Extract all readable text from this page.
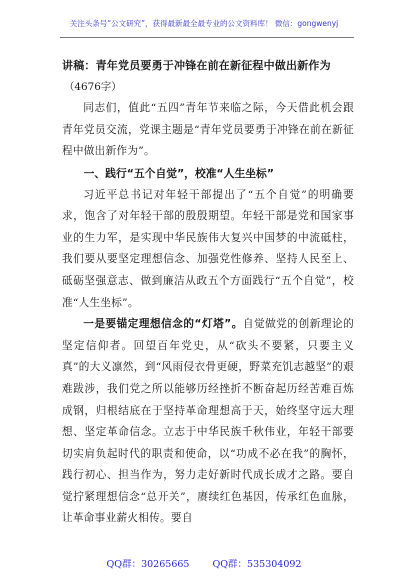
关注头条号“公文研究”，获得最新最全最专业的公文资料库！ 微信：gongwenyj

讲稿：青年党员要勇于冲锋在前在新征程中做出新作为

（4676字）

同志们，值此“五四”青年节来临之际，今天借此机会跟青年党员交流，党课主题是“青年党员要勇于冲锋在前在新征程中做出新作为”。

一、践行“五个自觉”，校准“人生坐标”

习近平总书记对年轻干部提出了“五个自觉”的明确要求，饱含了对年轻干部的殷殷期望。年轻干部是党和国家事业的生力军，是实现中华民族伟大复兴中国梦的中流砥柱，我们要从要坚定理想信念、加强党性修养、坚持人民至上、砥砺坚强意志、做到廉洁从政五个方面践行“五个自觉”，校准“人生坐标”。

一是要锚定理想信念的“灯塔”。自觉做党的创新理论的坚定信仰者。回望百年党史，从“砍头不要紧，只要主义真”的大义凛然，到“风雨侵衣骨更硬，野菜充饥志越坚”的艰难跋涉，我们党之所以能够历经挫折不断奋起历经苦难百炼成钢，归根结底在于坚持革命理想高于天，始终坚守远大理想、坚定革命信念。立志于中华民族千秋伟业，年轻干部要切实肩负起时代的职责和使命，以“功成不必在我”的胸怀，践行初心、担当作为，努力走好新时代成长成才之路。要自觉拧紧理想信念“总开关”，赓续红色基因，传承红色血脉，让革命事业薪火相传。要自

QQ群：30265665 QQ群：535304092
